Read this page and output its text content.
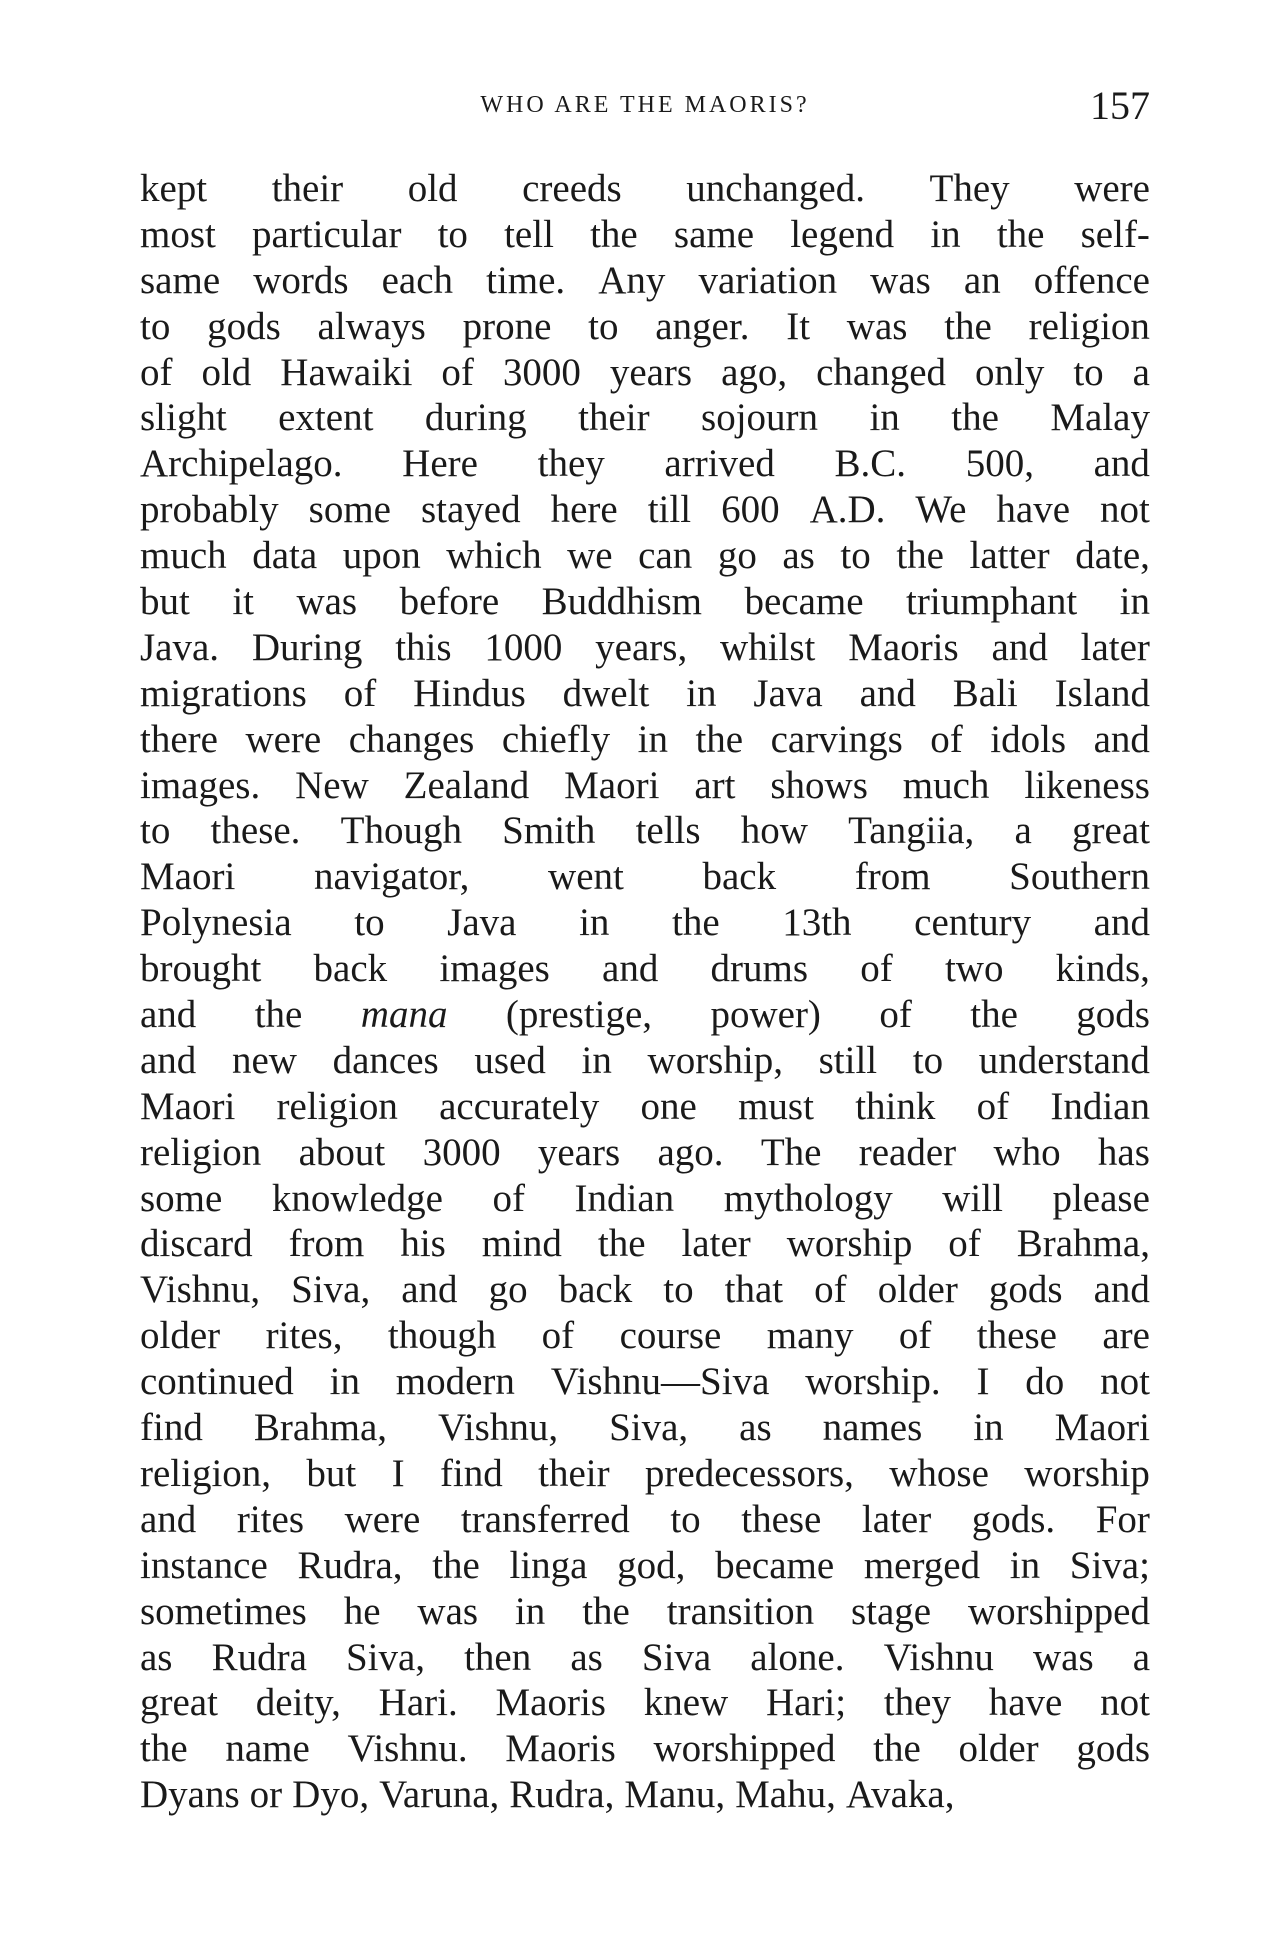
WHO ARE THE MAORIS?	157
kept their old creeds unchanged. They were
most particular to tell the same legend in the self-
same words each time. Any variation was an offence
to gods always prone to anger. It was the religion
of old Hawaiki of 3000 years ago, changed only to a
slight extent during their sojourn in the Malay
Archipelago. Here they arrived B.C. 500, and
probably some stayed here till 600 A.D. We have not
much data upon which we can go as to the latter date,
but it was before Buddhism became triumphant in
Java. During this 1000 years, whilst Maoris and later
migrations of Hindus dwelt in Java and Bali Island
there were changes chiefly in the carvings of idols and
images. New Zealand Maori art shows much likeness
to these. Though Smith tells how Tangiia, a great
Maori navigator, went back from Southern
Polynesia to Java in the 13th century and
brought back images and drums of two kinds,
and the mana (prestige, power) of the gods
and new dances used in worship, still to understand
Maori religion accurately one must think of Indian
religion about 3000 years ago. The reader who has
some knowledge of Indian mythology will please
discard from his mind the later worship of Brahma,
Vishnu, Siva, and go back to that of older gods and
older rites, though of course many of these are
continued in modern Vishnu—Siva worship. I do not
find Brahma, Vishnu, Siva, as names in Maori
religion, but I find their predecessors, whose worship
and rites were transferred to these later gods. For
instance Rudra, the linga god, became merged in Siva;
sometimes he was in the transition stage worshipped
as Rudra Siva, then as Siva alone. Vishnu was a
great deity, Hari. Maoris knew Hari; they have not
the name Vishnu. Maoris worshipped the older gods
Dyans or Dyo, Varuna, Rudra, Manu, Mahu, Avaka,
